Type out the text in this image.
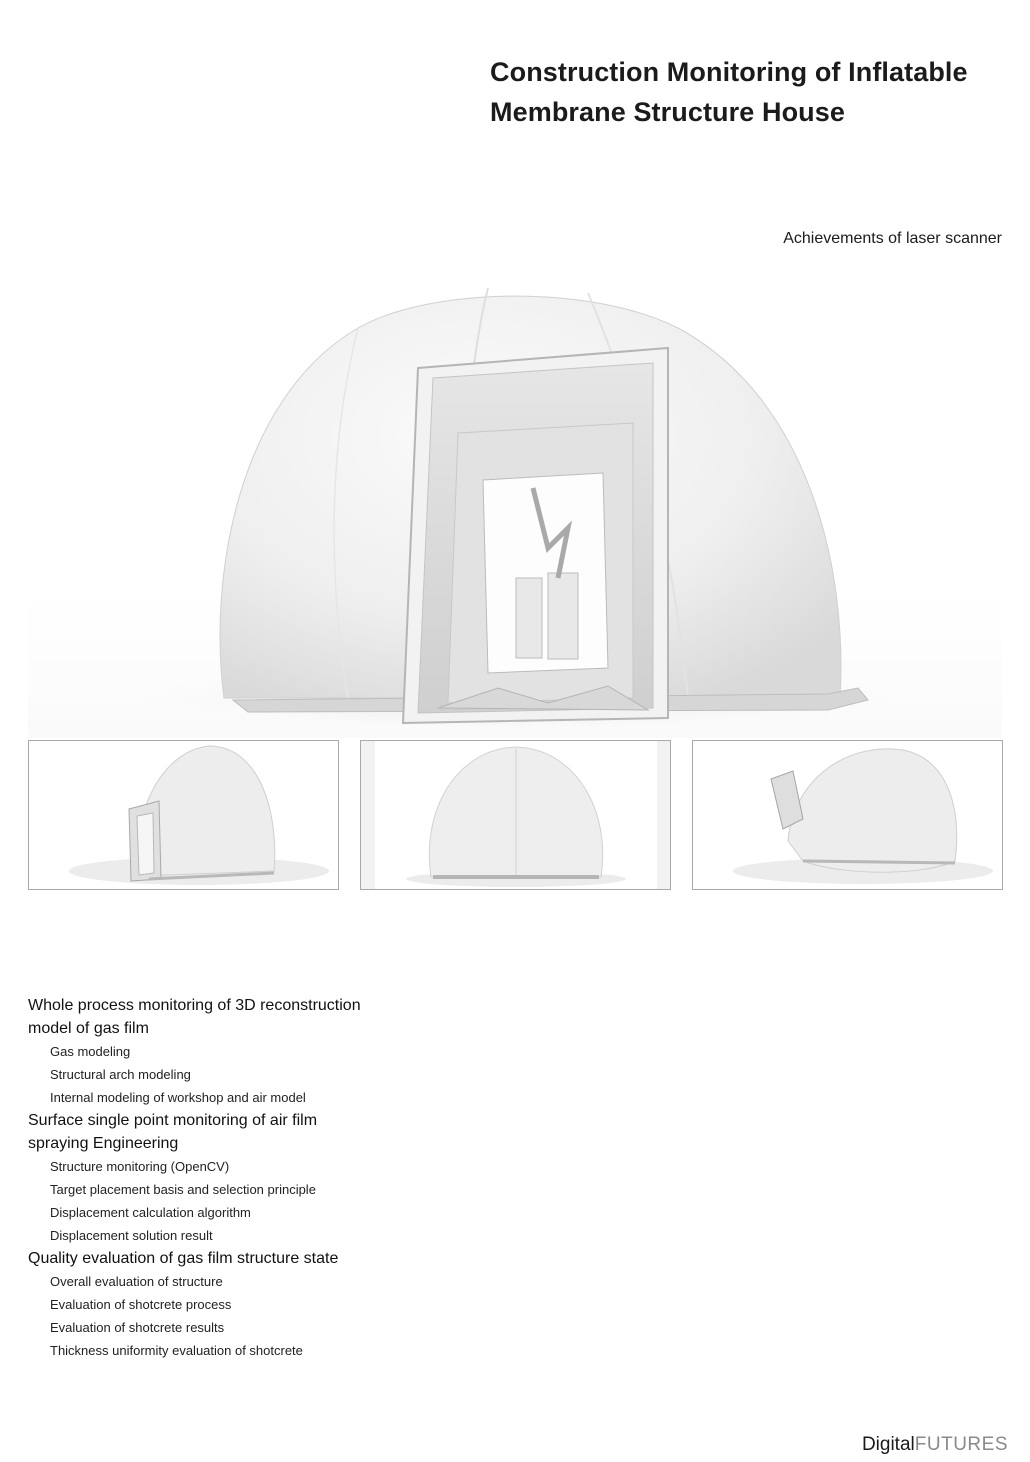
Construction Monitoring of Inflatable
Membrane Structure House
Achievements of laser scanner

Whole process monitoring of 3D reconstruction
model of gas film

Gas modeling

Structural arch modeling

Internal modeling of workshop and air model

Surface single point monitoring of air film
spraying Engineering

Structure monitoring (OpenCV)

Target placement basis and selection principle

Displacement calculation algorithm

Displacement solution result

Quality evaluation of gas film structure state

Overall evaluation of structure

Evaluation of shotcrete process

Evaluation of shotcrete results

Thickness uniformity evaluation of shotcrete

DigitalFUTURES
